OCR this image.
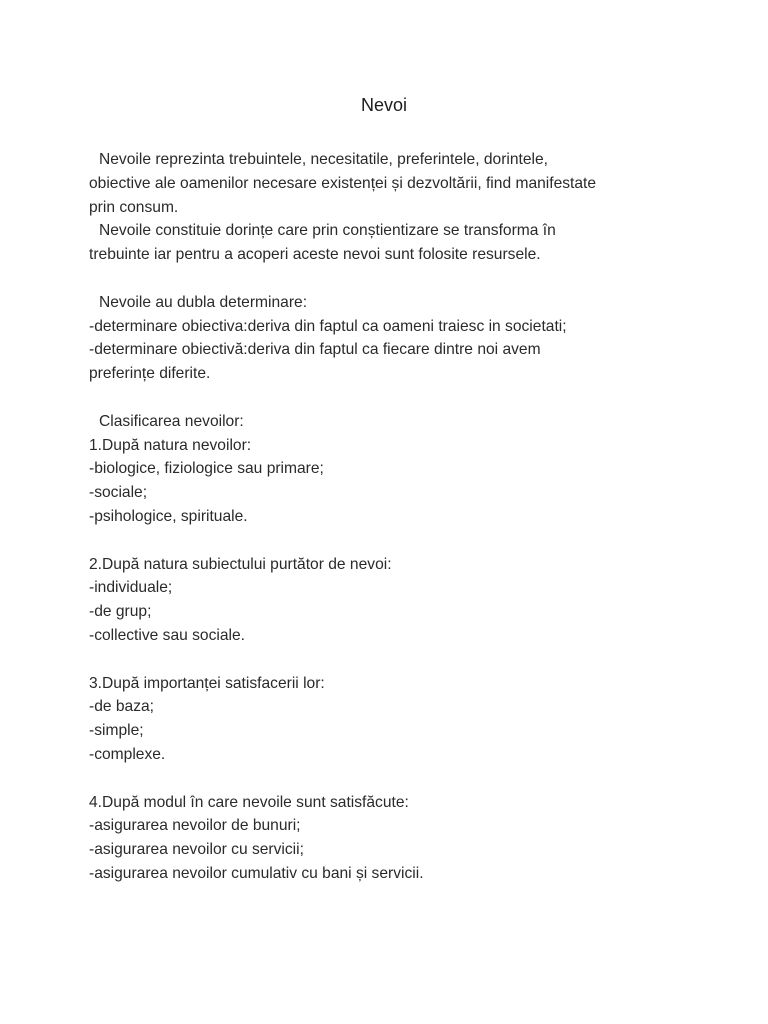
Nevoi
Nevoile reprezinta trebuintele, necesitatile, preferintele, dorintele,
obiective ale oamenilor necesare existenței și dezvoltării, find manifestate
prin consum.
Nevoile constituie dorințe care prin conștientizare se transforma în
trebuinte iar pentru a acoperi aceste nevoi sunt folosite resursele.
Nevoile au dubla determinare:
-determinare obiectiva:deriva din faptul ca oameni traiesc in societati;
-determinare obiectivă:deriva din faptul ca fiecare dintre noi avem
preferințe diferite.
Clasificarea nevoilor:
1.După natura nevoilor:
-biologice, fiziologice sau primare;
-sociale;
-psihologice, spirituale.
2.După natura subiectului purtător de nevoi:
-individuale;
-de grup;
-collective sau sociale.
3.După importanței satisfacerii lor:
-de baza;
-simple;
-complexe.
4.După modul în care nevoile sunt satisfăcute:
-asigurarea nevoilor de bunuri;
-asigurarea nevoilor cu servicii;
-asigurarea nevoilor cumulativ cu bani și servicii.
